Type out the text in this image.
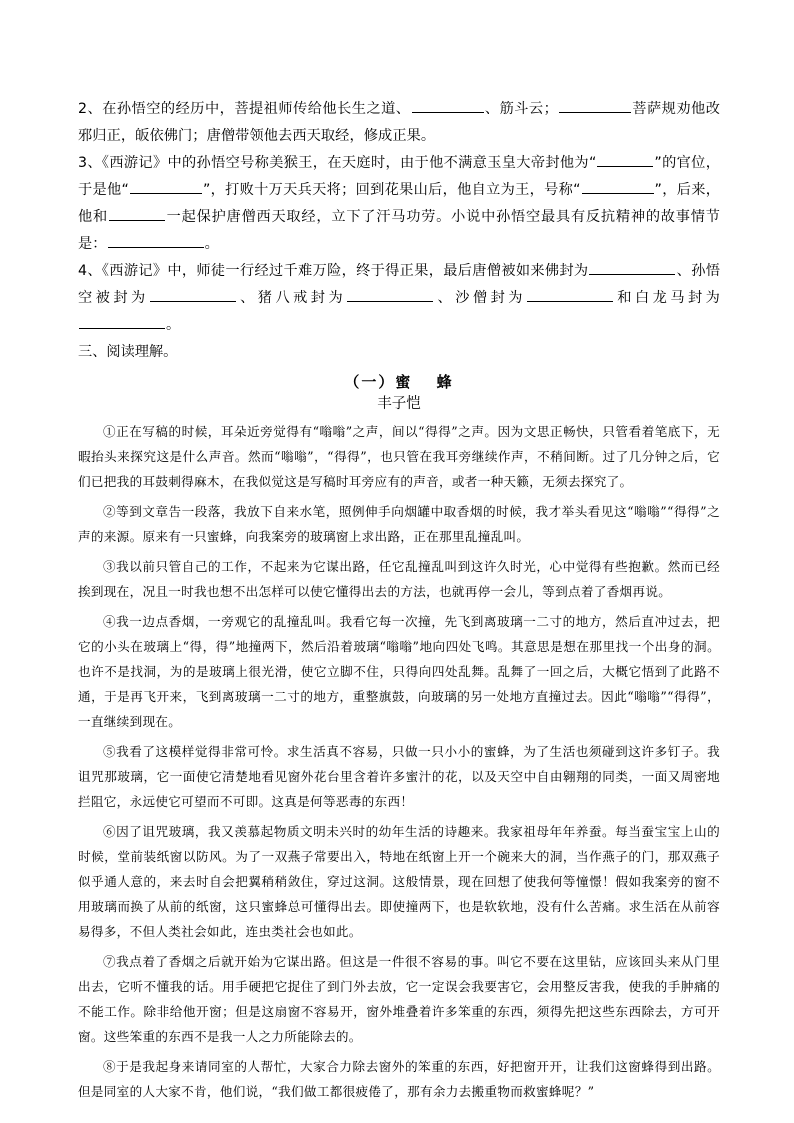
2、在孙悟空的经历中，菩提祖师传给他长生之道、	、筋斗云；	菩萨规劝他改邪归正，皈依佛门；唐僧带领他去西天取经，修成正果。

3、《西游记》中的孙悟空号称美猴王，在天庭时，由于他不满意玉皇大帝封他为“	”的官位，于是他“	”，打败十万天兵天将；回到花果山后，他自立为王，号称“	”，后来，他和	一起保护唐僧西天取经，立下了汗马功劳。小说中孙悟空最具有反抗精神的故事情节是：	。

4、《西游记》中，师徒一行经过千难万险，终于得正果，最后唐僧被如来佛封为	、孙悟空被封为	、猪八戒封为	、沙僧封为	和白龙马封为。

三、阅读理解。

（一）蜜　 蜂

丰子恺

①正在写稿的时候，耳朵近旁觉得有“嗡嗡”之声，间以“得得”之声。因为文思正畅快，只管看着笔底下，无暇抬头来探究这是什么声音。然而“嗡嗡”，“得得”，也只管在我耳旁继续作声，不稍间断。过了几分钟之后，它们已把我的耳鼓刺得麻木，在我似觉这是写稿时耳旁应有的声音，或者一种天籁，无须去探究了。

②等到文章告一段落，我放下自来水笔，照例伸手向烟罐中取香烟的时候，我才举头看见这“嗡嗡”“得得”之声的来源。原来有一只蜜蜂，向我案旁的玻璃窗上求出路，正在那里乱撞乱叫。

③我以前只管自己的工作，不起来为它谋出路，任它乱撞乱叫到这许久时光，心中觉得有些抱歉。然而已经挨到现在，况且一时我也想不出怎样可以使它懂得出去的方法，也就再停一会儿，等到点着了香烟再说。

④我一边点香烟，一旁观它的乱撞乱叫。我看它每一次撞，先飞到离玻璃一二寸的地方，然后直冲过去，把它的小头在玻璃上“得，得”地撞两下，然后沿着玻璃“嗡嗡”地向四处飞鸣。其意思是想在那里找一个出身的洞。也许不是找洞，为的是玻璃上很光滑，使它立脚不住，只得向四处乱舞。乱舞了一回之后，大概它悟到了此路不通，于是再飞开来，飞到离玻璃一二寸的地方，重整旗鼓，向玻璃的另一处地方直撞过去。因此“嗡嗡”“得得”，一直继续到现在。

⑤我看了这模样觉得非常可怜。求生活真不容易，只做一只小小的蜜蜂，为了生活也须碰到这许多钉子。我诅咒那玻璃，它一面使它清楚地看见窗外花台里含着许多蜜汁的花，以及天空中自由翱翔的同类，一面又周密地拦阻它，永远使它可望而不可即。这真是何等恶毒的东西！

⑥因了诅咒玻璃，我又羡慕起物质文明未兴时的幼年生活的诗趣来。我家祖母年年养蚕。每当蚕宝宝上山的时候，堂前装纸窗以防风。为了一双燕子常要出入，特地在纸窗上开一个碗来大的洞，当作燕子的门，那双燕子似乎通人意的，来去时自会把翼稍稍敛住，穿过这洞。这般情景，现在回想了使我何等憧憬！假如我案旁的窗不用玻璃而换了从前的纸窗，这只蜜蜂总可懂得出去。即使撞两下，也是软软地，没有什么苦痛。求生活在从前容易得多，不但人类社会如此，连虫类社会也如此。

⑦我点着了香烟之后就开始为它谋出路。但这是一件很不容易的事。叫它不要在这里钻，应该回头来从门里出去，它听不懂我的话。用手硬把它捉住了到门外去放，它一定误会我要害它，会用整反害我，使我的手肿痛的不能工作。除非给他开窗；但是这扇窗不容易开，窗外堆叠着许多笨重的东西，须得先把这些东西除去，方可开窗。这些笨重的东西不是我一人之力所能除去的。

⑧于是我起身来请同室的人帮忙，大家合力除去窗外的笨重的东西，好把窗开开，让我们这窗蜂得到出路。但是同室的人大家不肯，他们说，“我们做工都很疲倦了，那有余力去搬重物而救蜜蜂呢？”
